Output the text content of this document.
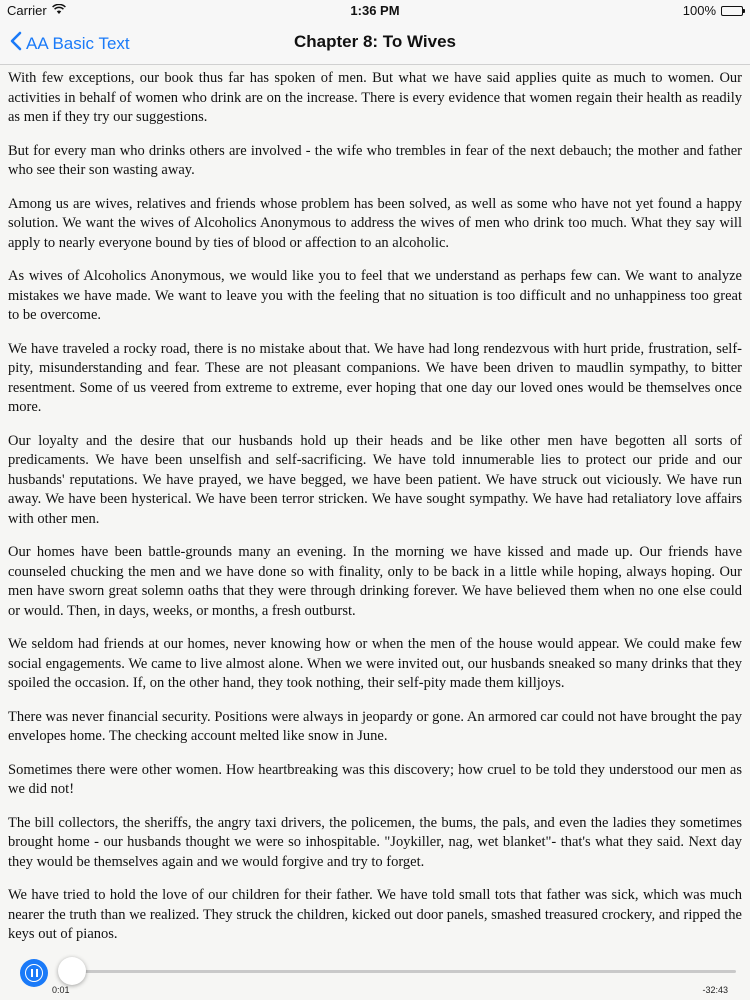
Carrier	1:36 PM	100%
AA Basic Text	Chapter 8: To Wives

With few exceptions, our book thus far has spoken of men. But what we have said applies quite as much to women. Our activities in behalf of women who drink are on the increase. There is every evidence that women regain their health as readily as men if they try our suggestions.

But for every man who drinks others are involved - the wife who trembles in fear of the next debauch; the mother and father who see their son wasting away.

Among us are wives, relatives and friends whose problem has been solved, as well as some who have not yet found a happy solution. We want the wives of Alcoholics Anonymous to address the wives of men who drink too much. What they say will apply to nearly everyone bound by ties of blood or affection to an alcoholic.

As wives of Alcoholics Anonymous, we would like you to feel that we understand as perhaps few can. We want to analyze mistakes we have made. We want to leave you with the feeling that no situation is too difficult and no unhappiness too great to be overcome.

We have traveled a rocky road, there is no mistake about that. We have had long rendezvous with hurt pride, frustration, self-pity, misunderstanding and fear. These are not pleasant companions. We have been driven to maudlin sympathy, to bitter resentment. Some of us veered from extreme to extreme, ever hoping that one day our loved ones would be themselves once more.

Our loyalty and the desire that our husbands hold up their heads and be like other men have begotten all sorts of predicaments. We have been unselfish and self-sacrificing. We have told innumerable lies to protect our pride and our husbands' reputations. We have prayed, we have begged, we have been patient. We have struck out viciously. We have run away. We have been hysterical. We have been terror stricken. We have sought sympathy. We have had retaliatory love affairs with other men.

Our homes have been battle-grounds many an evening. In the morning we have kissed and made up. Our friends have counseled chucking the men and we have done so with finality, only to be back in a little while hoping, always hoping. Our men have sworn great solemn oaths that they were through drinking forever. We have believed them when no one else could or would. Then, in days, weeks, or months, a fresh outburst.

We seldom had friends at our homes, never knowing how or when the men of the house would appear. We could make few social engagements. We came to live almost alone. When we were invited out, our husbands sneaked so many drinks that they spoiled the occasion. If, on the other hand, they took nothing, their self-pity made them killjoys.

There was never financial security. Positions were always in jeopardy or gone. An armored car could not have brought the pay envelopes home. The checking account melted like snow in June.

Sometimes there were other women. How heartbreaking was this discovery; how cruel to be told they understood our men as we did not!

The bill collectors, the sheriffs, the angry taxi drivers, the policemen, the bums, the pals, and even the ladies they sometimes brought home - our husbands thought we were so inhospitable. "Joykiller, nag, wet blanket"- that's what they said. Next day they would be themselves again and we would forgive and try to forget.

We have tried to hold the love of our children for their father. We have told small tots that father was sick, which was much nearer the truth than we realized. They struck the children, kicked out door panels, smashed treasured crockery, and ripped the keys out of pianos.

0:01	-32:43
